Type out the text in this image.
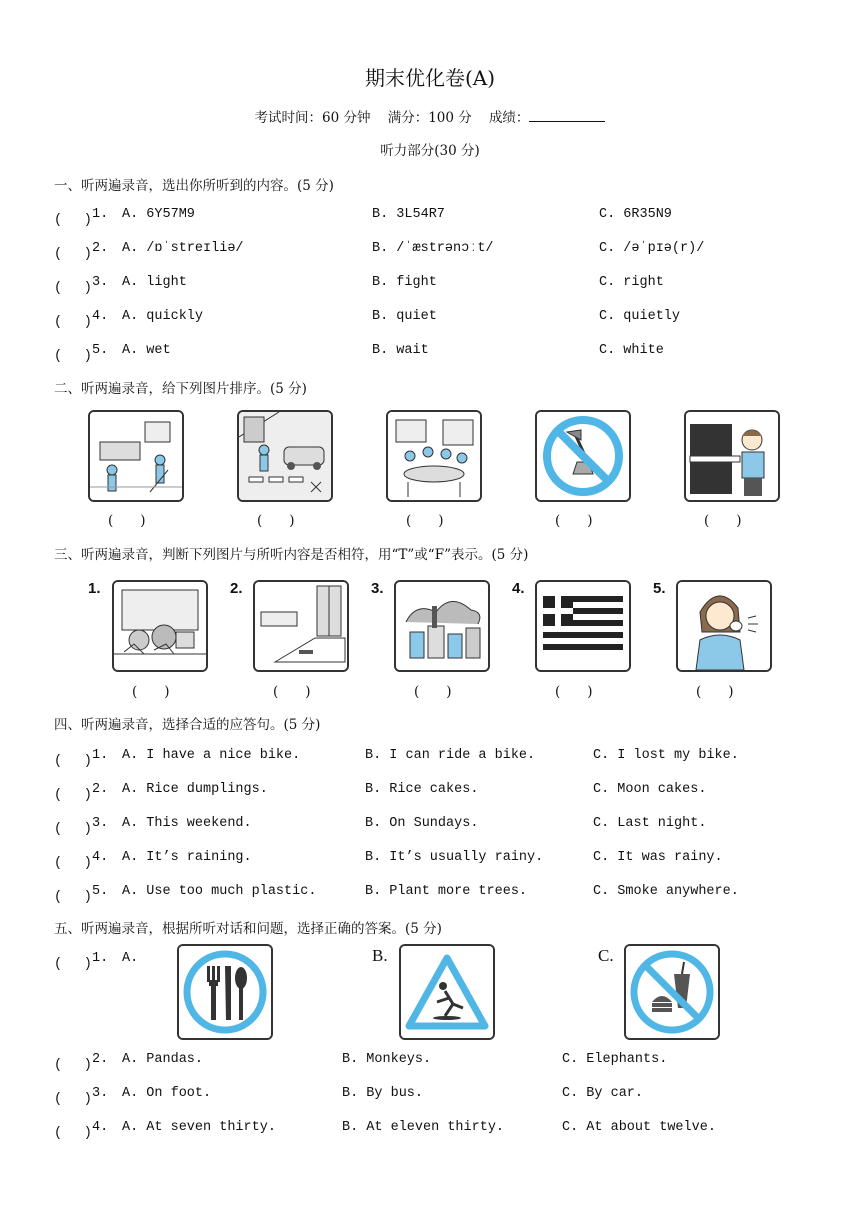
期末优化卷(A)
考试时间：60 分钟 满分：100 分 成绩：
听力部分(30 分)
一、听两遍录音，选出你所听到的内容。(5 分)
(　 ) 1. A. 6Y57M9	B. 3L54R7	C. 6R35N9
(　 ) 2. A. /ɒˈstreɪliə/	B. /ˈæstrənɔːt/	C. /əˈpɪə(r)/
(　 ) 3. A. light	B. fight	C. right
(　 ) 4. A. quickly	B. quiet	C. quietly
(　 ) 5. A. wet	B. wait	C. white
二、听两遍录音，给下列图片排序。(5 分)
(　　)	(　　)	(　　)	(　　)	(　　)
三、听两遍录音，判断下列图片与所听内容是否相符，用“T”或“F”表示。(5 分)
1.	2.	3.	4.	5.
(　　)	(　　)	(　　)	(　　)	(　　)
四、听两遍录音，选择合适的应答句。(5 分)
(　 ) 1. A. I have a nice bike.	B. I can ride a bike.	C. I lost my bike.
(　 ) 2. A. Rice dumplings.	B. Rice cakes.	C. Moon cakes.
(　 ) 3. A. This weekend.	B. On Sundays.	C. Last night.
(　 ) 4. A. It’s raining.	B. It’s usually rainy.	C. It was rainy.
(　 ) 5. A. Use too much plastic.	B. Plant more trees.	C. Smoke anywhere.
五、听两遍录音，根据所听对话和问题，选择正确的答案。(5 分)
(　 ) 1. A.	B.	C.
(　 ) 2. A. Pandas.	B. Monkeys.	C. Elephants.
(　 ) 3. A. On foot.	B. By bus.	C. By car.
(　 ) 4. A. At seven thirty.	B. At eleven thirty.	C. At about twelve.
